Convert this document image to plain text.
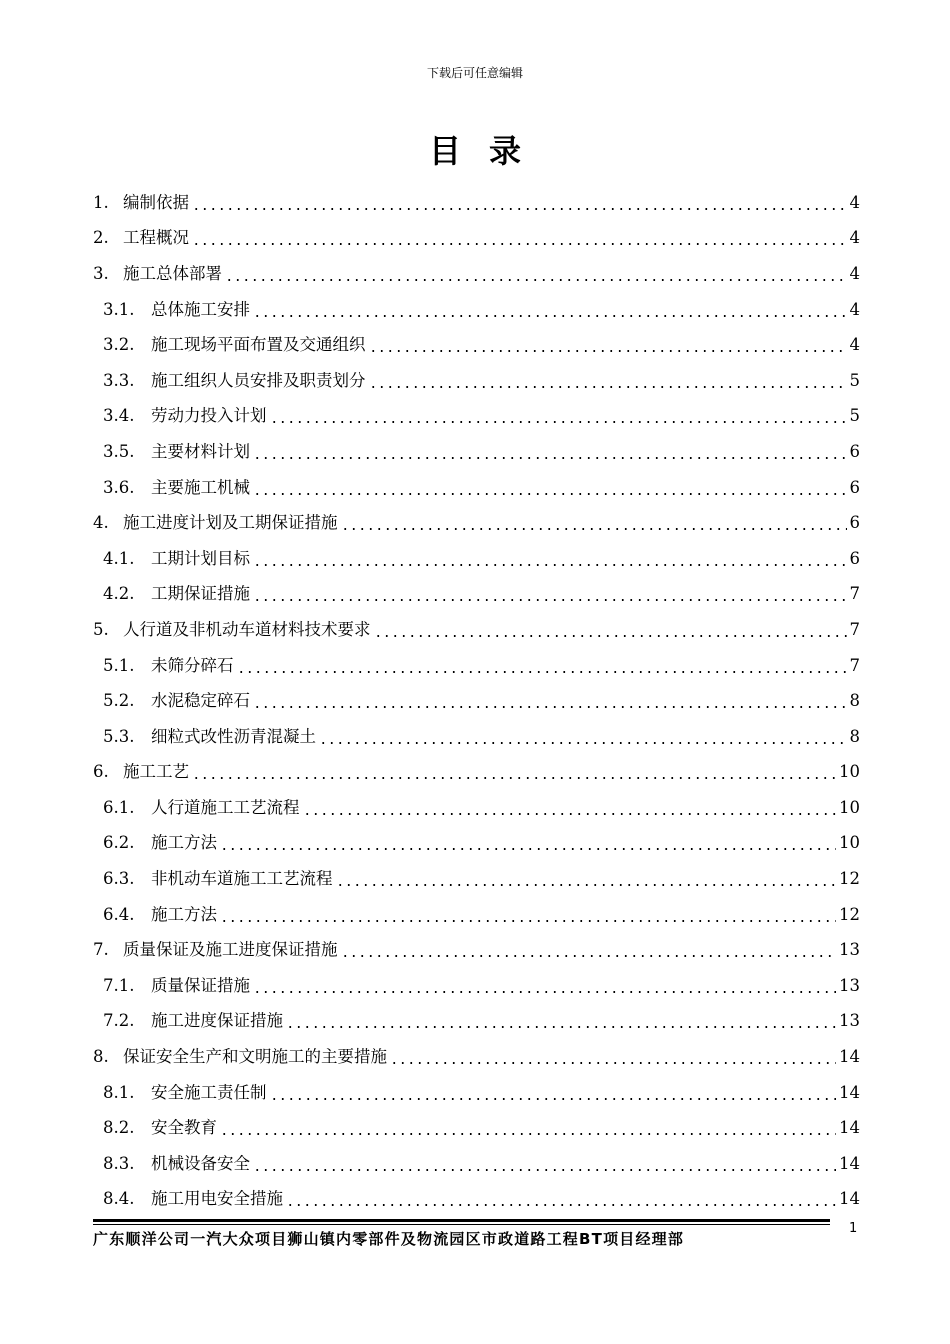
下载后可任意编辑
目录
1. 编制依据	4
2. 工程概况	4
3. 施工总体部署	4
3.1.	总体施工安排	4
3.2.	施工现场平面布置及交通组织	4
3.3.	施工组织人员安排及职责划分	5
3.4.	劳动力投入计划	5
3.5.	主要材料计划	6
3.6.	主要施工机械	6
4. 施工进度计划及工期保证措施	6
4.1.	工期计划目标	6
4.2.	工期保证措施	7
5. 人行道及非机动车道材料技术要求	7
5.1.	未筛分碎石	7
5.2.	水泥稳定碎石	8
5.3.	细粒式改性沥青混凝土	8
6. 施工工艺	10
6.1.	人行道施工工艺流程	10
6.2.	施工方法	10
6.3.	非机动车道施工工艺流程	12
6.4.	施工方法	12
7. 质量保证及施工进度保证措施	13
7.1.	质量保证措施	13
7.2.	施工进度保证措施	13
8. 保证安全生产和文明施工的主要措施	14
8.1.	安全施工责任制	14
8.2.	安全教育	14
8.3.	机械设备安全	14
8.4.	施工用电安全措施	14
广东顺洋公司一汽大众项目狮山镇内零部件及物流园区市政道路工程BT项目经理部
1
